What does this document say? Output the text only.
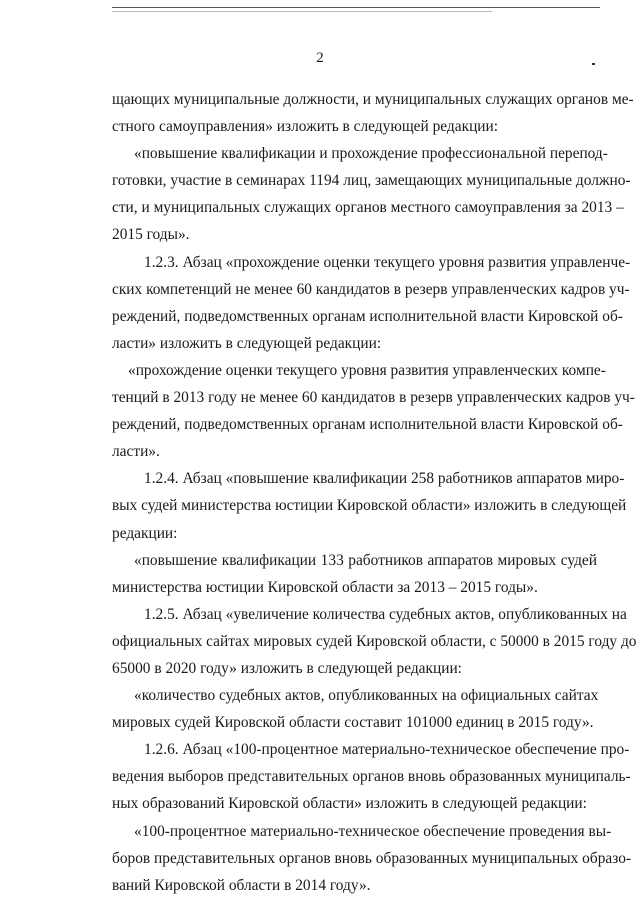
2

щающих муниципальные должности, и муниципальных служащих органов ме-
стного самоуправления» изложить в следующей редакции:

«повышение квалификации и прохождение профессиональной перепод-
готовки, участие в семинарах 1194 лиц, замещающих муниципальные должно-
сти, и муниципальных служащих органов местного самоуправления за 2013 –
2015 годы».

1.2.3. Абзац «прохождение оценки текущего уровня развития управленче-
ских компетенций не менее 60 кандидатов в резерв управленческих кадров уч-
реждений, подведомственных органам исполнительной власти Кировской об-
ласти» изложить в следующей редакции:

«прохождение оценки текущего уровня развития управленческих компе-
тенций в 2013 году не менее 60 кандидатов в резерв управленческих кадров уч-
реждений, подведомственных органам исполнительной власти Кировской об-
ласти».

1.2.4. Абзац «повышение квалификации 258 работников аппаратов миро-
вых судей министерства юстиции Кировской области» изложить в следующей
редакции:

«повышение квалификации 133 работников аппаратов мировых судей
министерства юстиции Кировской области за 2013 – 2015 годы».

1.2.5. Абзац «увеличение количества судебных актов, опубликованных на
официальных сайтах мировых судей Кировской области, с 50000 в 2015 году до
65000 в 2020 году» изложить в следующей редакции:

«количество судебных актов, опубликованных на официальных сайтах
мировых судей Кировской области составит 101000 единиц в 2015 году».

1.2.6. Абзац «100-процентное материально-техническое обеспечение про-
ведения выборов представительных органов вновь образованных муниципаль-
ных образований Кировской области» изложить в следующей редакции:

«100-процентное материально-техническое обеспечение проведения вы-
боров представительных органов вновь образованных муниципальных образо-
ваний Кировской области в 2014 году».
